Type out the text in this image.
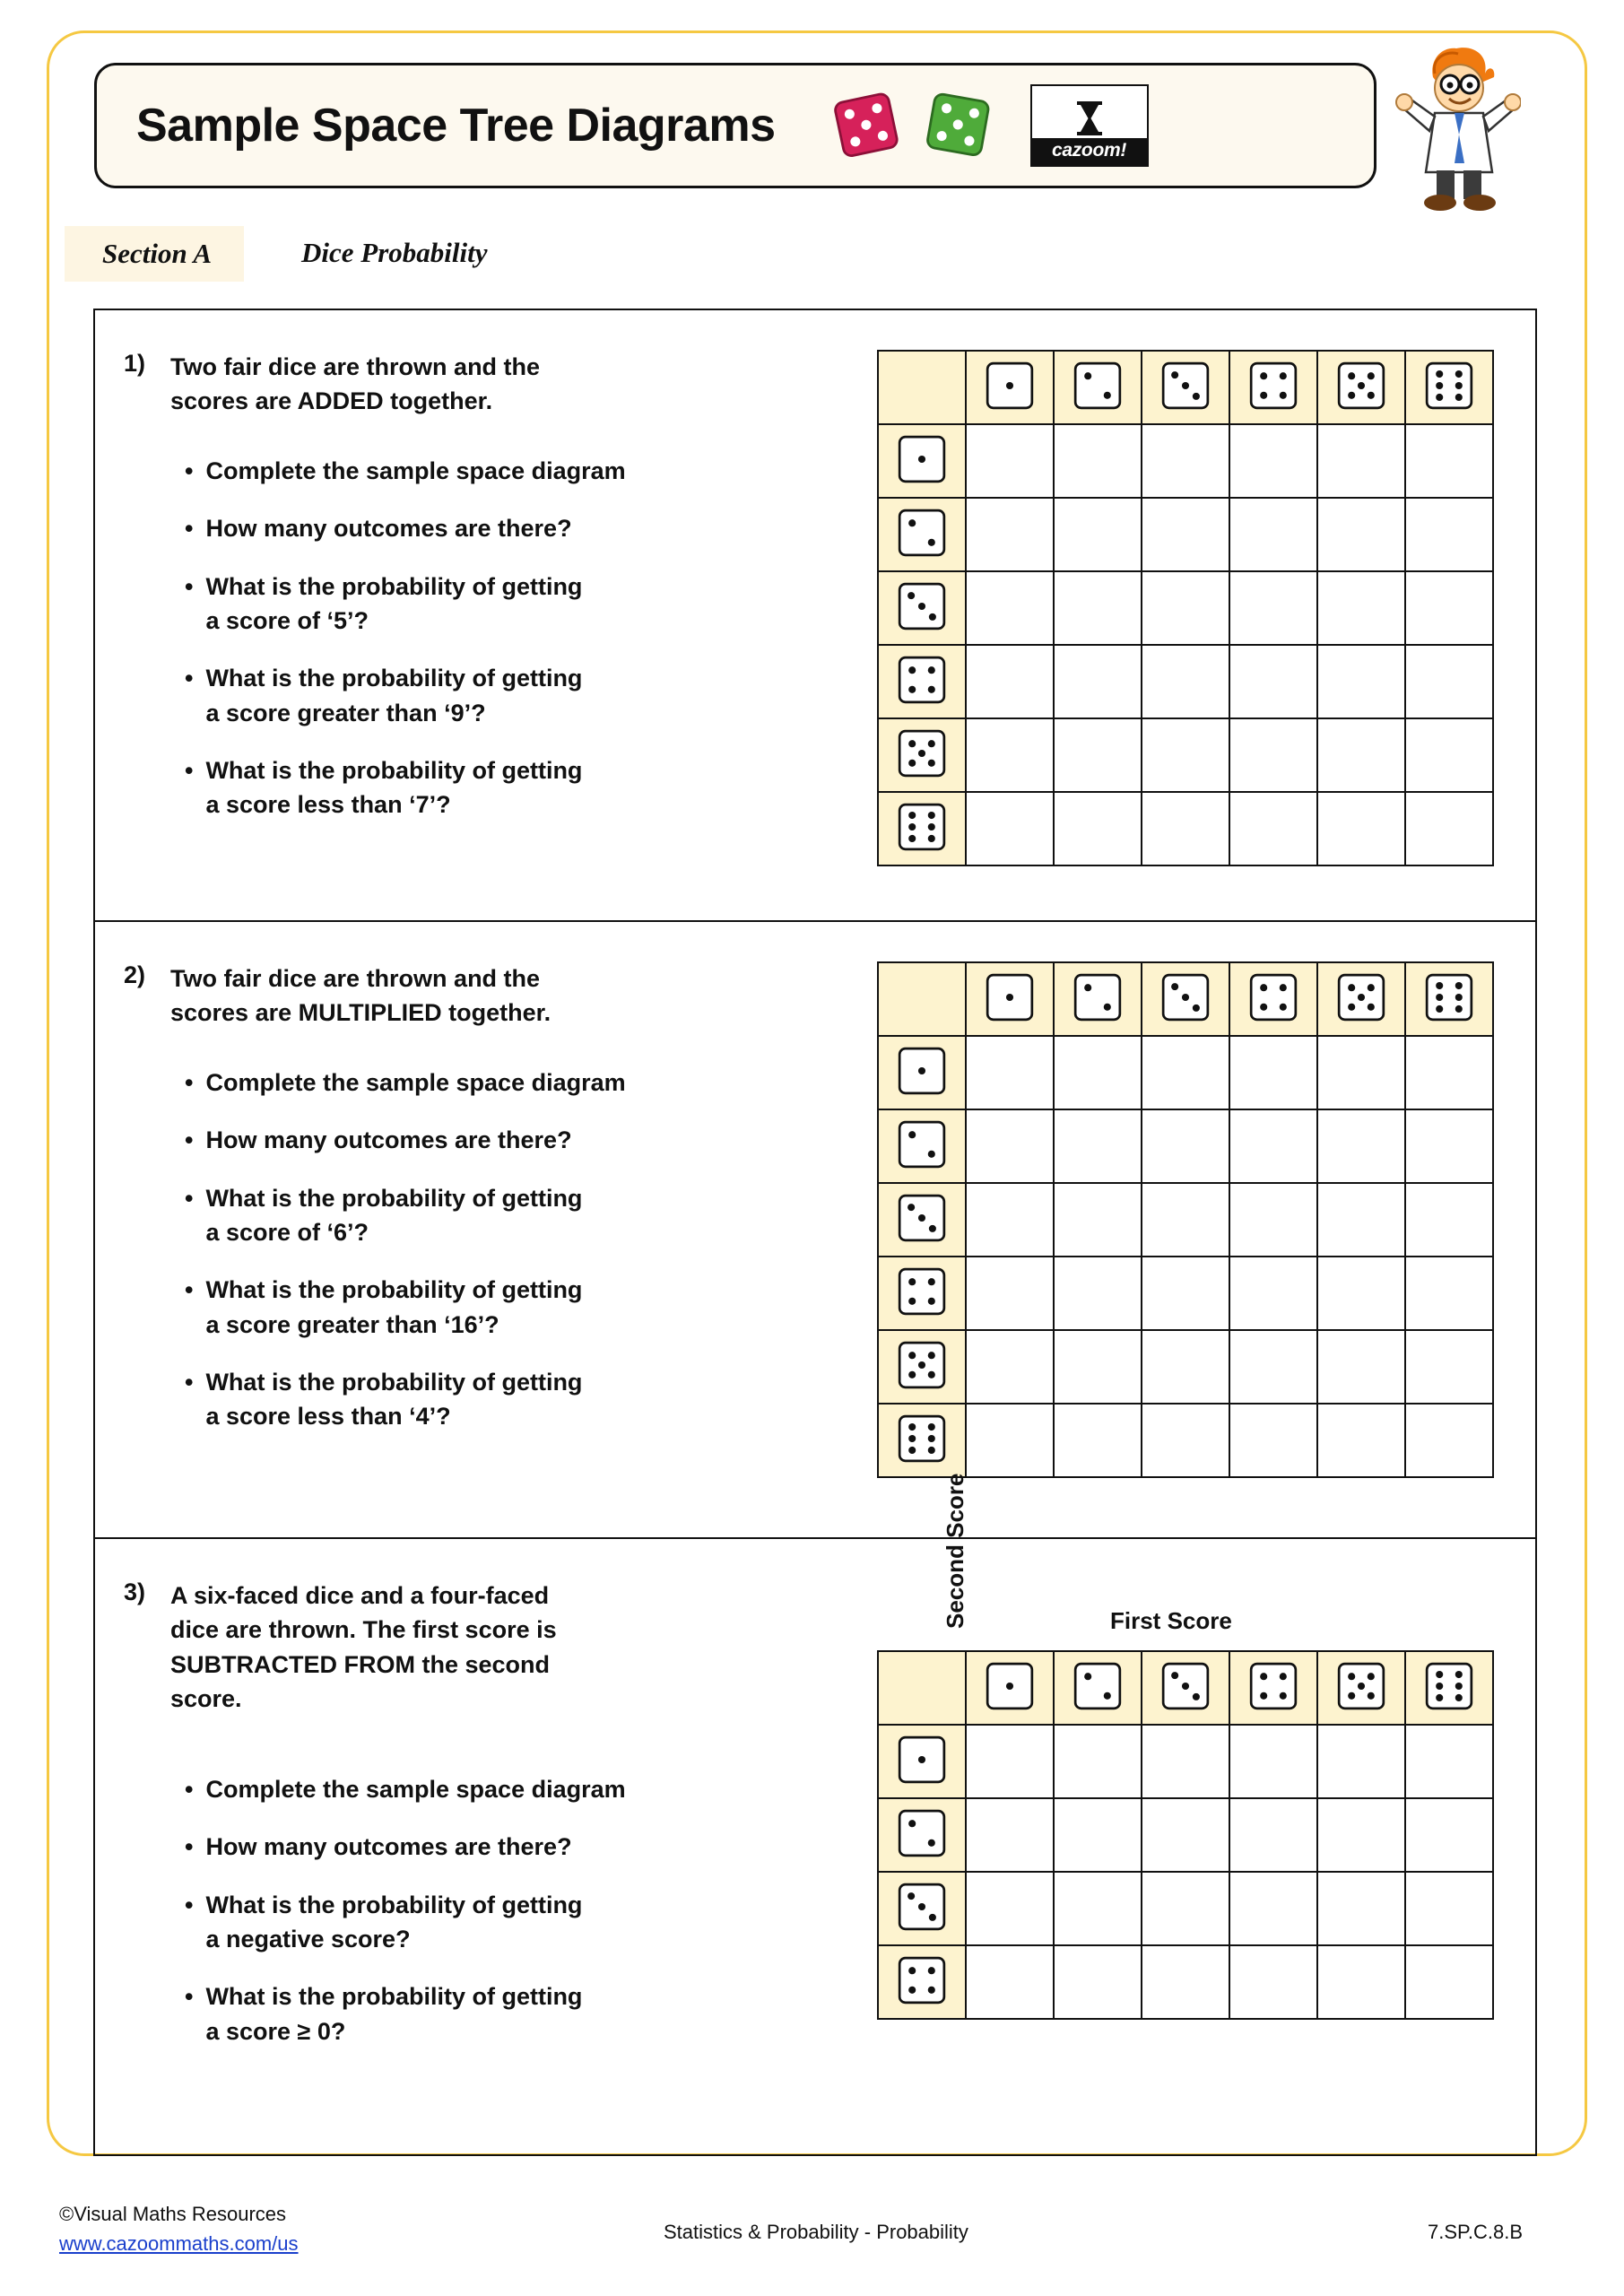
Sample Space Tree Diagrams	cazoom!
Section A	Dice Probability
1) Two fair dice are thrown and the
scores are ADDED together.
• Complete the sample space diagram
• How many outcomes are there?
• What is the probability of getting
a score of ‘5’?
• What is the probability of getting
a score greater than ‘9’?
• What is the probability of getting
a score less than ‘7’?

2) Two fair dice are thrown and the
scores are MULTIPLIED together.
• Complete the sample space diagram
• How many outcomes are there?
• What is the probability of getting
a score of ‘6’?
• What is the probability of getting
a score greater than ‘16’?
• What is the probability of getting
a score less than ‘4’?

3) A six-faced dice and a four-faced
dice are thrown. The first score is
SUBTRACTED FROM the second
score.
• Complete the sample space diagram
• How many outcomes are there?
• What is the probability of getting
a negative score?
• What is the probability of getting
a score ≥ 0?
First Score
Second Score

©Visual Maths Resources
www.cazoommaths.com/us
Statistics & Probability - Probability	7.SP.C.8.B
